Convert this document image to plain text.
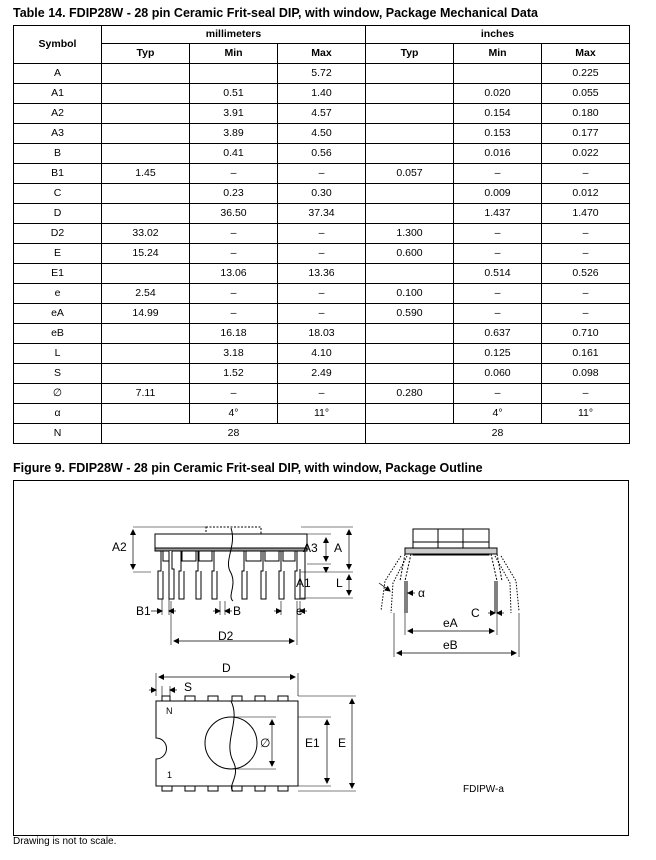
Table 14. FDIP28W - 28 pin Ceramic Frit-seal DIP, with window, Package Mechanical Data
Symbol	millimeters			inches		
	Typ	Min	Max	Typ	Min	Max
A			5.72			0.225
A1		0.51	1.40		0.020	0.055
A2		3.91	4.57		0.154	0.180
A3		3.89	4.50		0.153	0.177
B		0.41	0.56		0.016	0.022
B1	1.45	–	–	0.057	–	–
C		0.23	0.30		0.009	0.012
D		36.50	37.34		1.437	1.470
D2	33.02	–	–	1.300	–	–
E	15.24	–	–	0.600	–	–
E1		13.06	13.36		0.514	0.526
e	2.54	–	–	0.100	–	–
eA	14.99	–	–	0.590	–	–
eB		16.18	18.03		0.637	0.710
L		3.18	4.10		0.125	0.161
S		1.52	2.49		0.060	0.098
∅	7.11	–	–	0.280	–	–
α		4°	11°		4°	11°
N	28			28		
Figure 9. FDIP28W - 28 pin Ceramic Frit-seal DIP, with window, Package Outline
A2	A3 A
A1 L
B1	B	e
D2
α
C
eA
eB
D
S
N
1
∅	E1 E
FDIPW-a
Drawing is not to scale.
